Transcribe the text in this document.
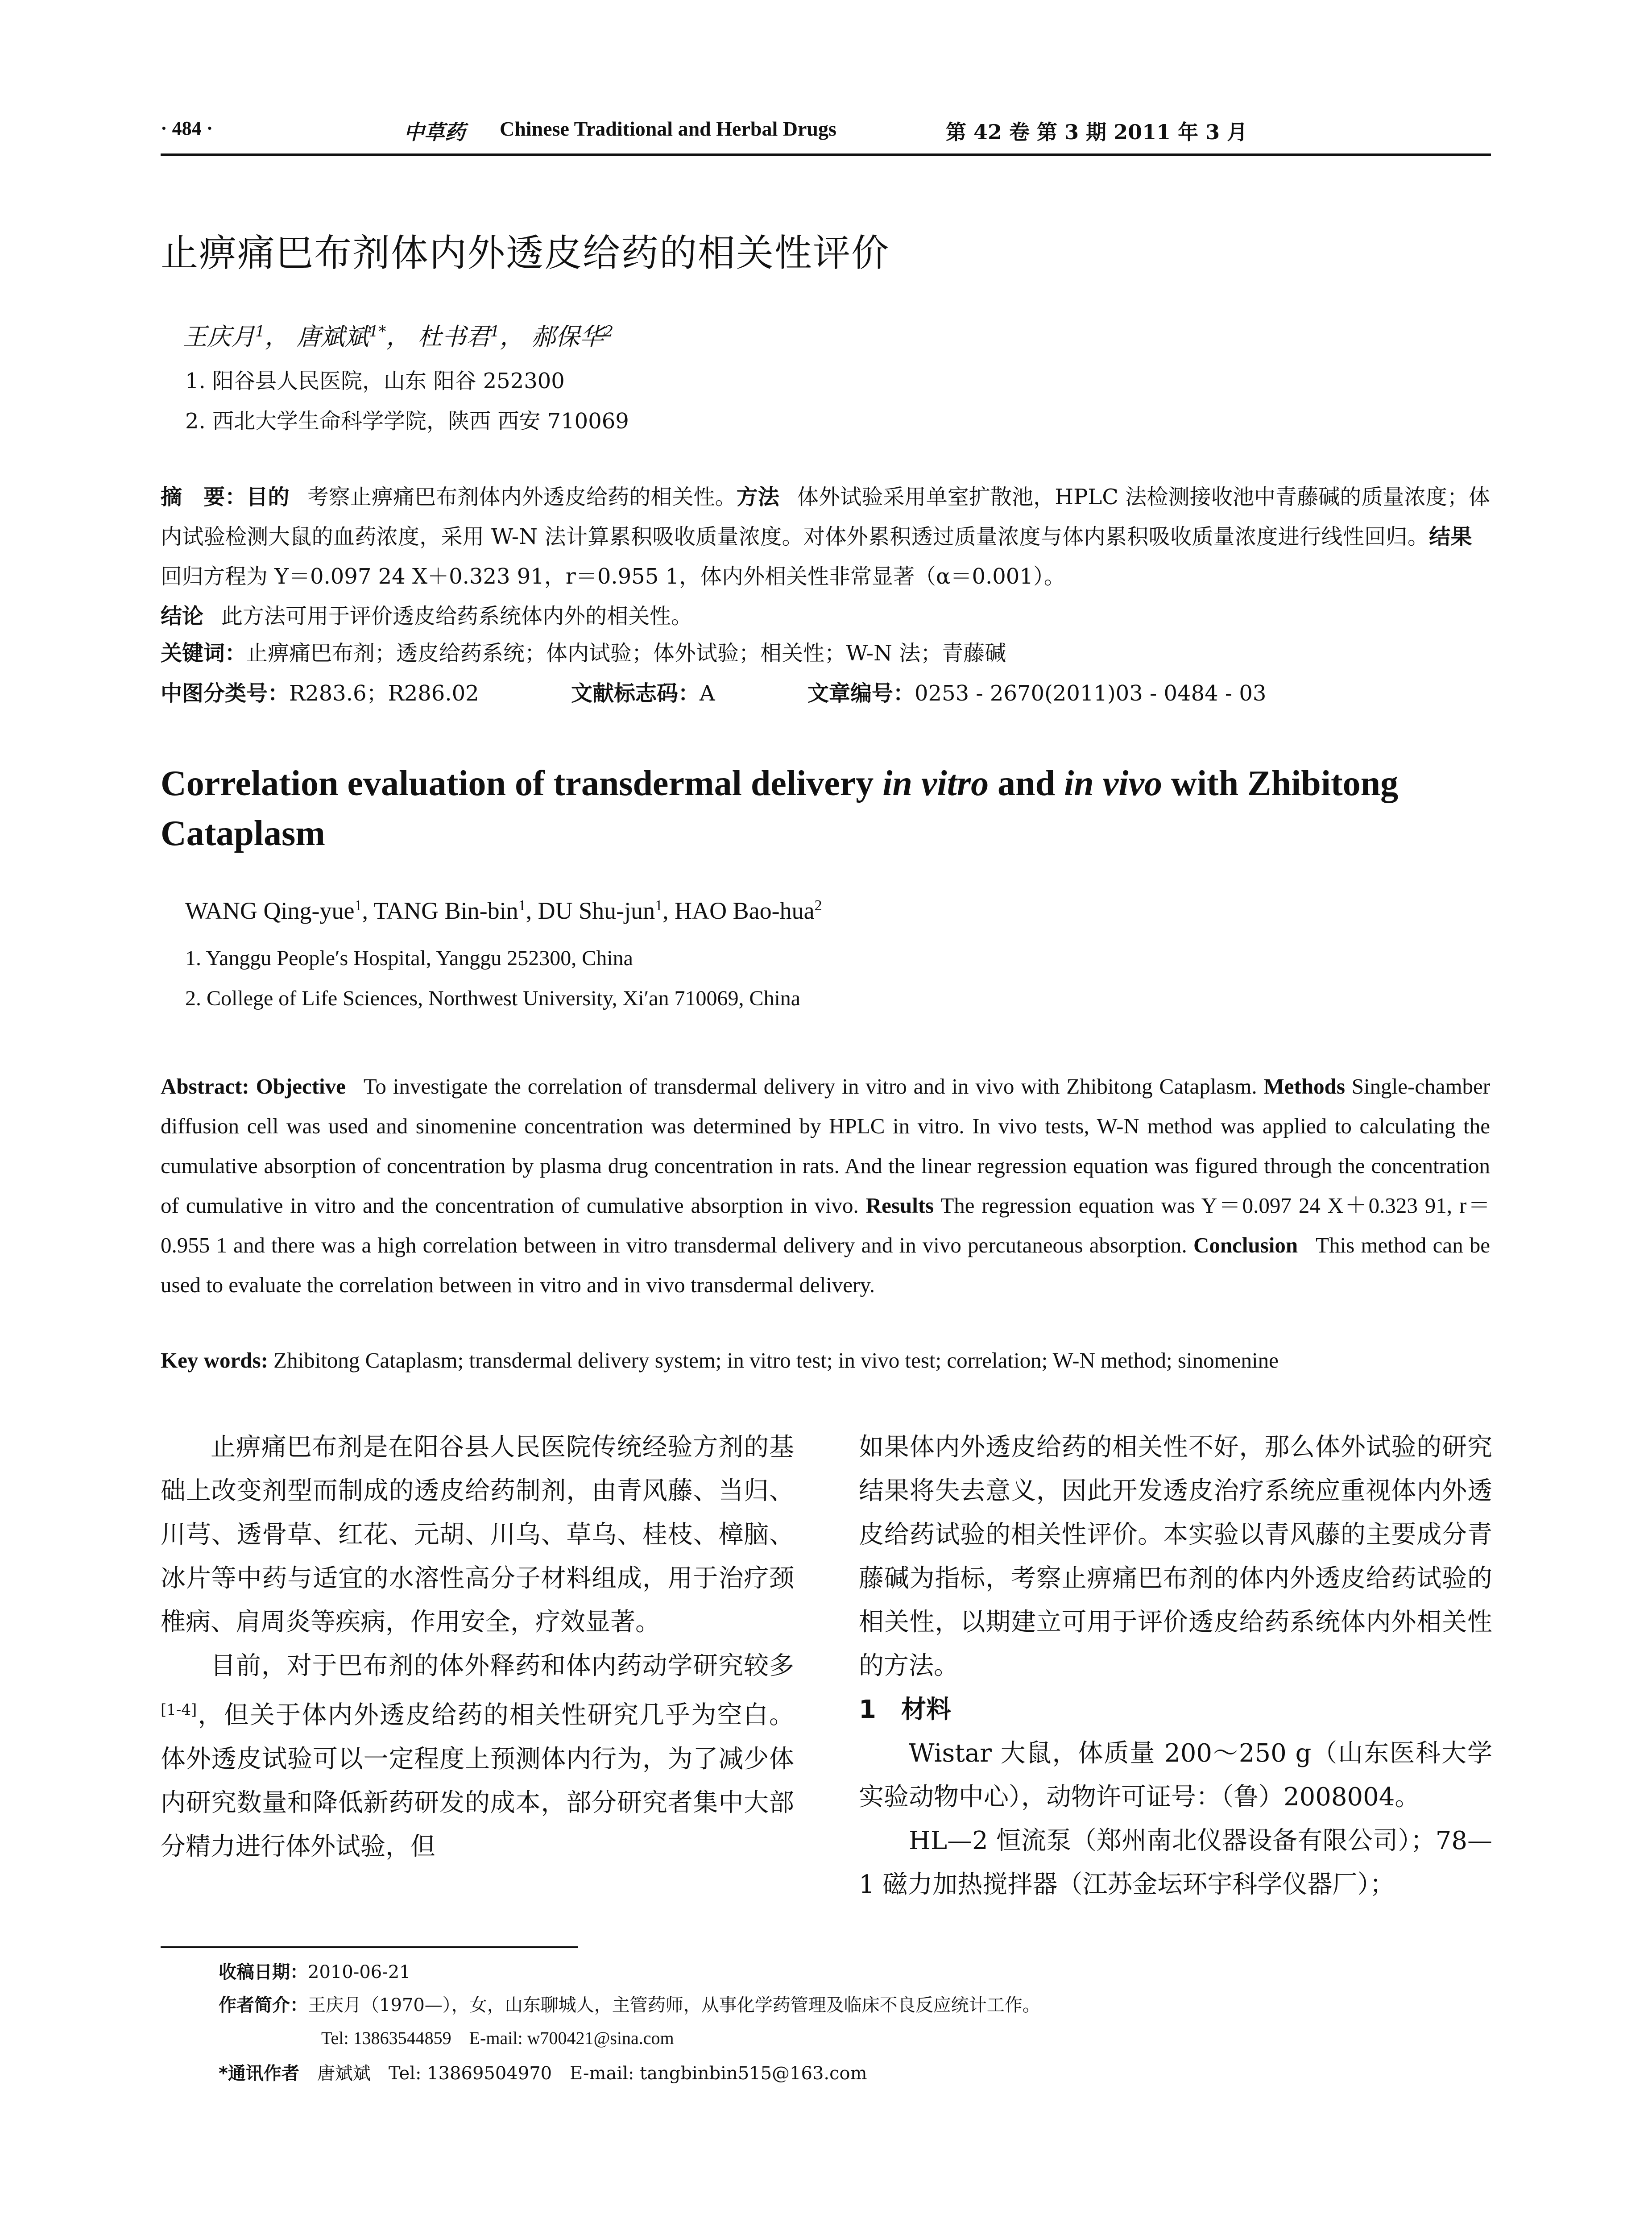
· 484 ·	中草药 Chinese Traditional and Herbal Drugs	第 42 卷 第 3 期 2011 年 3 月
止痹痛巴布剂体内外透皮给药的相关性评价
王庆月$^1$， 唐斌斌$^{1*}$， 杜书君$^1$， 郝保华$^2$
1. 阳谷县人民医院，山东 阳谷 252300
2. 西北大学生命科学学院，陕西 西安 710069
摘　要：目的 考察止痹痛巴布剂体内外透皮给药的相关性。方法 体外试验采用单室扩散池，HPLC 法检测接收池中青藤碱的质量浓度；体内试验检测大鼠的血药浓度，采用 W-N 法计算累积吸收质量浓度。对体外累积透过质量浓度与体内累积吸收质量浓度进行线性回归。结果回归方程为 Y＝0.097 24 X＋0.323 91，r＝0.955 1，体内外相关性非常显著（α＝0.001）。
结论 此方法可用于评价透皮给药系统体内外的相关性。
关键词：止痹痛巴布剂；透皮给药系统；体内试验；体外试验；相关性；W-N 法；青藤碱
中图分类号：R283.6；R286.02	文献标志码：A	文章编号：0253 - 2670(2011)03 - 0484 - 03
Correlation evaluation of transdermal delivery in vitro and in vivo with Zhibitong Cataplasm
WANG Qing-yue$^1$, TANG Bin-bin$^1$, DU Shu-jun$^1$, HAO Bao-hua$^2$
1. Yanggu People′s Hospital, Yanggu 252300, China
2. College of Life Sciences, Northwest University, Xi′an 710069, China
Abstract: Objective To investigate the correlation of transdermal delivery in vitro and in vivo with Zhibitong Cataplasm. Methods Single-chamber diffusion cell was used and sinomenine concentration was determined by HPLC in vitro. In vivo tests, W-N method was applied to calculating the cumulative absorption of concentration by plasma drug concentration in rats. And the linear regression equation was figured through the concentration of cumulative in vitro and the concentration of cumulative absorption in vivo. Results The regression equation was Y＝0.097 24 X＋0.323 91, r＝0.955 1 and there was a high correlation between in vitro transdermal delivery and in vivo percutaneous absorption. Conclusion This method can be used to evaluate the correlation between in vitro and in vivo transdermal delivery.
Key words: Zhibitong Cataplasm; transdermal delivery system; in vitro test; in vivo test; correlation; W-N method; sinomenine
止痹痛巴布剂是在阳谷县人民医院传统经验方剂的基础上改变剂型而制成的透皮给药制剂，由青风藤、当归、川芎、透骨草、红花、元胡、川乌、草乌、桂枝、樟脑、冰片等中药与适宜的水溶性高分子材料组成，用于治疗颈椎病、肩周炎等疾病，作用安全，疗效显著。
目前，对于巴布剂的体外释药和体内药动学研究较多[1-4]，但关于体内外透皮给药的相关性研究几乎为空白。体外透皮试验可以一定程度上预测体内行为，为了减少体内研究数量和降低新药研发的成本，部分研究者集中大部分精力进行体外试验，但
如果体内外透皮给药的相关性不好，那么体外试验的研究结果将失去意义，因此开发透皮治疗系统应重视体内外透皮给药试验的相关性评价。本实验以青风藤的主要成分青藤碱为指标，考察止痹痛巴布剂的体内外透皮给药试验的相关性，以期建立可用于评价透皮给药系统体内外相关性的方法。
1　材料
Wistar 大鼠，体质量 200～250 g（山东医科大学实验动物中心），动物许可证号：（鲁）2008004。
HL—2 恒流泵（郑州南北仪器设备有限公司）；78—1 磁力加热搅拌器（江苏金坛环宇科学仪器厂）；
收稿日期：2010-06-21
作者简介：王庆月（1970—），女，山东聊城人，主管药师，从事化学药管理及临床不良反应统计工作。
Tel: 13863544859　E-mail: w700421@sina.com
*通讯作者　 唐斌斌　Tel: 13869504970　E-mail: tangbinbin515@163.com
